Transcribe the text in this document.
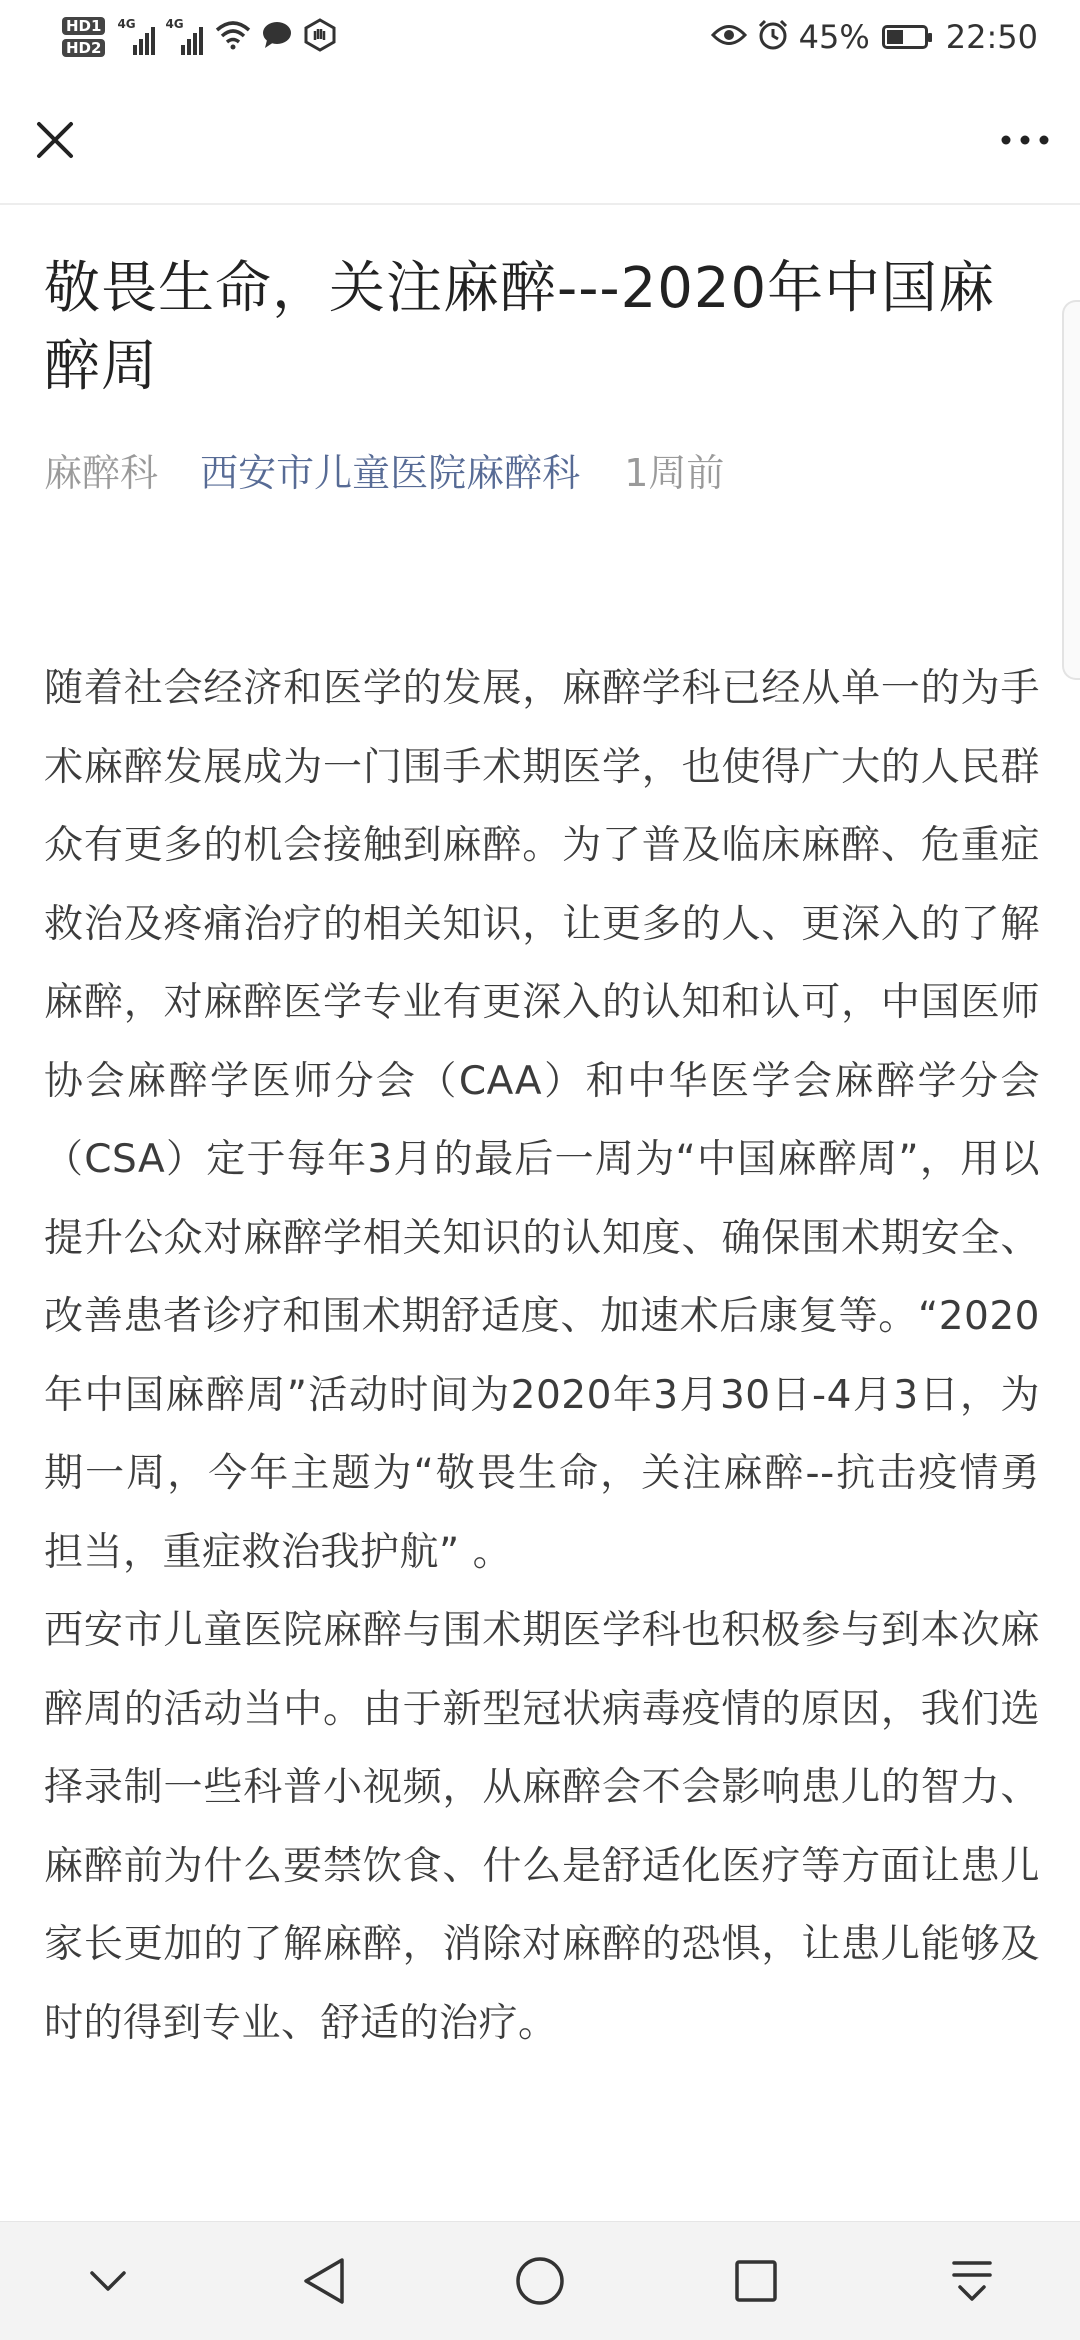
HD1
HD2
4G 4G	45% 22:50
敬畏生命，关注麻醉---2020年中国麻醉周
麻醉科 西安市儿童医院麻醉科 1周前

随着社会经济和医学的发展，麻醉学科已经从单一的为手术麻醉发展成为一门围手术期医学，也使得广大的人民群众有更多的机会接触到麻醉。为了普及临床麻醉、危重症救治及疼痛治疗的相关知识，让更多的人、更深入的了解麻醉，对麻醉医学专业有更深入的认知和认可，中国医师协会麻醉学医师分会（CAA）和中华医学会麻醉学分会（CSA）定于每年3月的最后一周为“中国麻醉周”，用以提升公众对麻醉学相关知识的认知度、确保围术期安全、改善患者诊疗和围术期舒适度、加速术后康复等。“2020年中国麻醉周”活动时间为2020年3月30日-4月3日，为期一周，今年主题为“敬畏生命，关注麻醉--抗击疫情勇担当，重症救治我护航” 。

西安市儿童医院麻醉与围术期医学科也积极参与到本次麻醉周的活动当中。由于新型冠状病毒疫情的原因，我们选择录制一些科普小视频，从麻醉会不会影响患儿的智力、麻醉前为什么要禁饮食、什么是舒适化医疗等方面让患儿家长更加的了解麻醉，消除对麻醉的恐惧，让患儿能够及时的得到专业、舒适的治疗。
